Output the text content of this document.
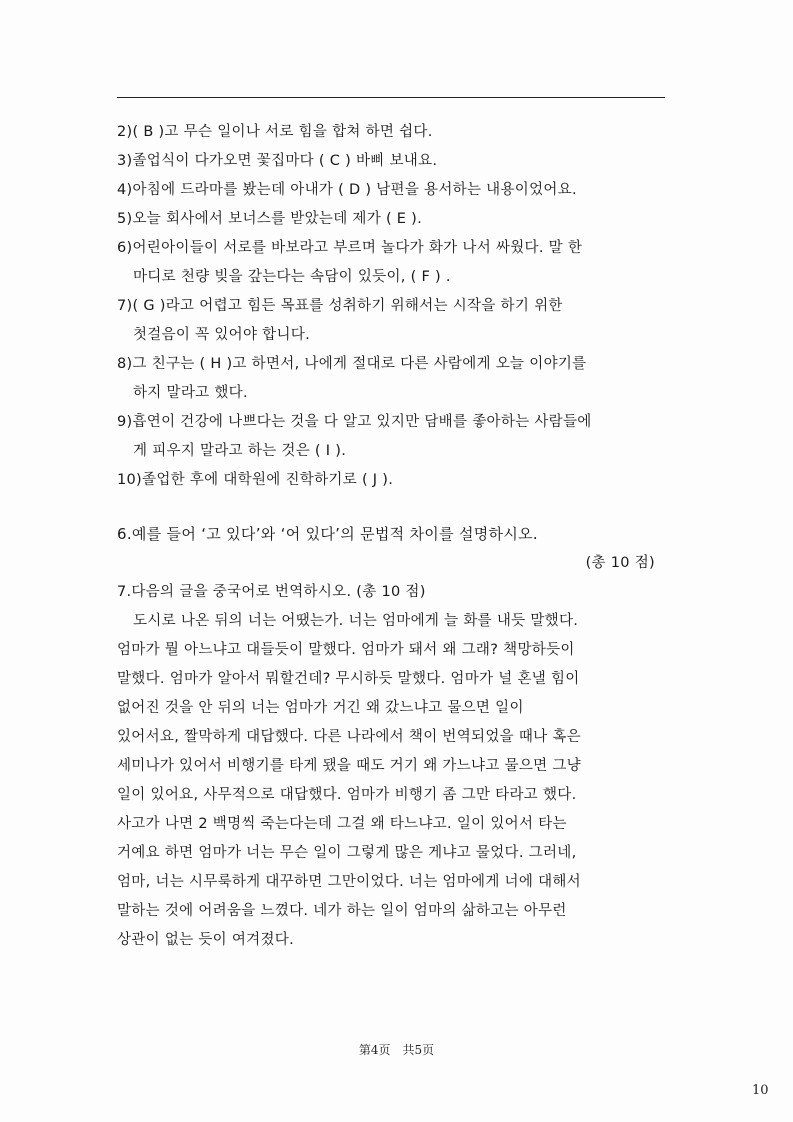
2)( B )고 무슨 일이나 서로 힘을 합쳐 하면 쉽다.
3)졸업식이 다가오면 꽃집마다 ( C ) 바삐 보내요.
4)아침에 드라마를 봤는데 아내가 ( D ) 남편을 용서하는 내용이었어요.
5)오늘 회사에서 보너스를 받았는데 제가 ( E ).
6)어린아이들이 서로를 바보라고 부르며 놀다가 화가 나서 싸웠다. 말 한
마디로 천량 빚을 갚는다는 속담이 있듯이, ( F ) .
7)( G )라고 어렵고 힘든 목표를 성취하기 위해서는 시작을 하기 위한
첫걸음이 꼭 있어야 합니다.
8)그 친구는 ( H )고 하면서, 나에게 절대로 다른 사람에게 오늘 이야기를
하지 말라고 했다.
9)흡연이 건강에 나쁘다는 것을 다 알고 있지만 담배를 좋아하는 사람들에
게 피우지 말라고 하는 것은 ( I ).
10)졸업한 후에 대학원에 진학하기로 ( J ).
6.예를 들어 ‘고 있다’와 ‘어 있다’의 문법적 차이를 설명하시오.
(총 10 점)
7.다음의 글을 중국어로 번역하시오. (총 10 점)
도시로 나온 뒤의 너는 어땠는가. 너는 엄마에게 늘 화를 내듯 말했다.
엄마가 뭘 아느냐고 대들듯이 말했다. 엄마가 돼서 왜 그래? 책망하듯이
말했다. 엄마가 알아서 뭐할건데? 무시하듯 말했다. 엄마가 널 혼낼 힘이
없어진 것을 안 뒤의 너는 엄마가 거긴 왜 갔느냐고 물으면 일이
있어서요, 짤막하게 대답했다. 다른 나라에서 책이 번역되었을 때나 혹은
세미나가 있어서 비행기를 타게 됐을 때도 거기 왜 가느냐고 물으면 그냥
일이 있어요, 사무적으로 대답했다. 엄마가 비행기 좀 그만 타라고 했다.
사고가 나면 2 백명씩 죽는다는데 그걸 왜 타느냐고. 일이 있어서 타는
거예요 하면 엄마가 너는 무슨 일이 그렇게 많은 게냐고 물었다. 그러네,
엄마, 너는 시무룩하게 대꾸하면 그만이었다. 너는 엄마에게 너에 대해서
말하는 것에 어려움을 느꼈다. 네가 하는 일이 엄마의 삶하고는 아무런
상관이 없는 듯이 여겨졌다.
第4页　共5页
10
